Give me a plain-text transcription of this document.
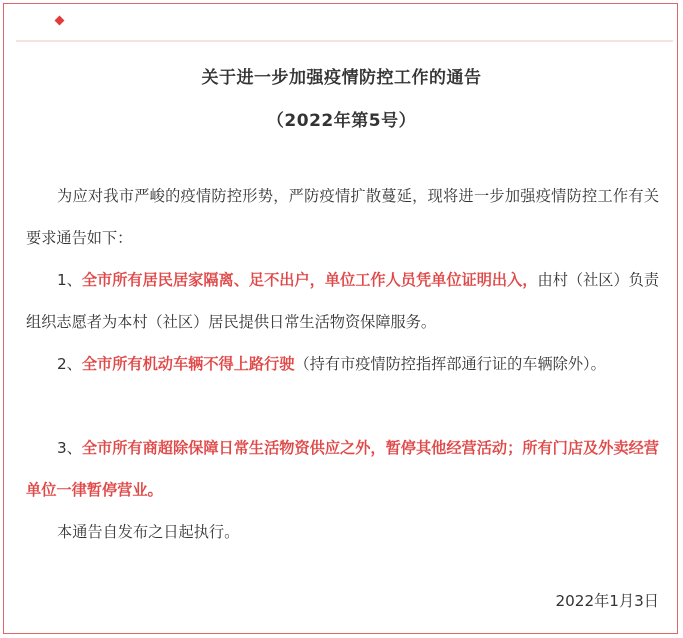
关于进一步加强疫情防控工作的通告
（2022年第5号）

为应对我市严峻的疫情防控形势，严防疫情扩散蔓延，现将进一步加强疫情防控工作有关要求通告如下：

1、全市所有居民居家隔离、足不出户，单位工作人员凭单位证明出入，由村（社区）负责组织志愿者为本村（社区）居民提供日常生活物资保障服务。

2、全市所有机动车辆不得上路行驶（持有市疫情防控指挥部通行证的车辆除外）。

3、全市所有商超除保障日常生活物资供应之外，暂停其他经营活动；所有门店及外卖经营单位一律暂停营业。

本通告自发布之日起执行。

2022年1月3日
